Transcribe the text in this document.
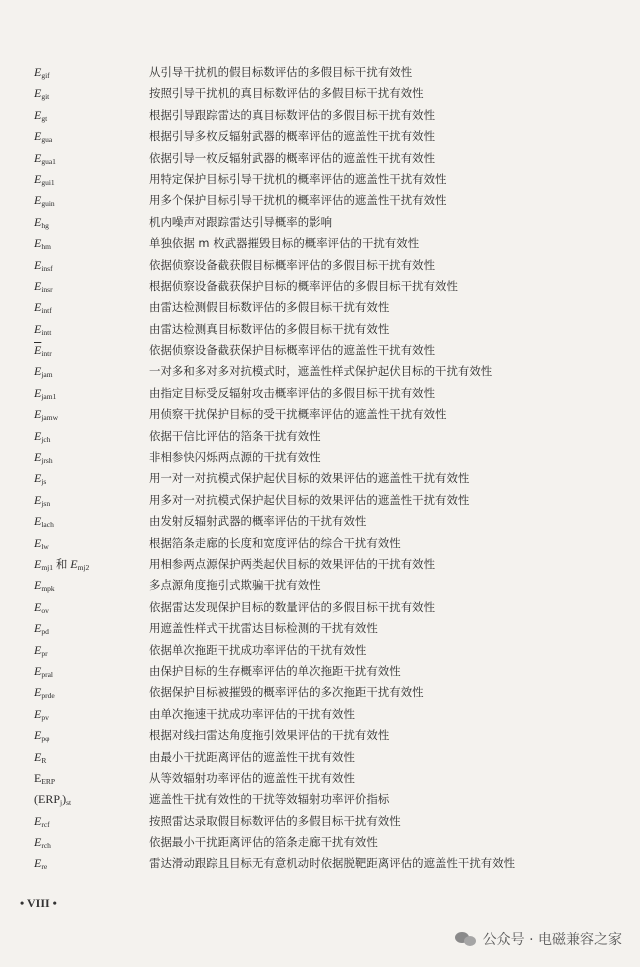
$E_{gif}$	从引导干扰机的假目标数评估的多假目标干扰有效性
$E_{git}$	按照引导干扰机的真目标数评估的多假目标干扰有效性
$E_{gt}$	根据引导跟踪雷达的真目标数评估的多假目标干扰有效性
$E_{gua}$	根据引导多枚反辐射武器的概率评估的遮盖性干扰有效性
$E_{gua1}$	依据引导一枚反辐射武器的概率评估的遮盖性干扰有效性
$E_{gui1}$	用特定保护目标引导干扰机的概率评估的遮盖性干扰有效性
$E_{guin}$	用多个保护目标引导干扰机的概率评估的遮盖性干扰有效性
$E_{hg}$	机内噪声对跟踪雷达引导概率的影响
$E_{hm}$	单独依据 m 枚武器摧毁目标的概率评估的干扰有效性
$E_{insf}$	依据侦察设备截获假目标概率评估的多假目标干扰有效性
$E_{insr}$	根据侦察设备截获保护目标的概率评估的多假目标干扰有效性
$E_{intf}$	由雷达检测假目标数评估的多假目标干扰有效性
$E_{intt}$	由雷达检测真目标数评估的多假目标干扰有效性
$\overline{E}_{intr}$	依据侦察设备截获保护目标概率评估的遮盖性干扰有效性
$E_{jam}$	一对多和多对多对抗模式时，遮盖性样式保护起伏目标的干扰有效性
$E_{jam1}$	由指定目标受反辐射攻击概率评估的多假目标干扰有效性
$E_{jamw}$	用侦察干扰保护目标的受干扰概率评估的遮盖性干扰有效性
$E_{jch}$	依据干信比评估的箔条干扰有效性
$E_{jrsh}$	非相参快闪烁两点源的干扰有效性
$E_{js}$	用一对一对抗模式保护起伏目标的效果评估的遮盖性干扰有效性
$E_{jsn}$	用多对一对抗模式保护起伏目标的效果评估的遮盖性干扰有效性
$E_{lach}$	由发射反辐射武器的概率评估的干扰有效性
$E_{lw}$	根据箔条走廊的长度和宽度评估的综合干扰有效性
$E_{mj1}$ 和 $E_{mj2}$	用相参两点源保护两类起伏目标的效果评估的干扰有效性
$E_{mpk}$	多点源角度拖引式欺骗干扰有效性
$E_{ov}$	依据雷达发现保护目标的数量评估的多假目标干扰有效性
$E_{pd}$	用遮盖性样式干扰雷达目标检测的干扰有效性
$E_{pr}$	依据单次拖距干扰成功率评估的干扰有效性
$E_{pral}$	由保护目标的生存概率评估的单次拖距干扰有效性
$E_{prde}$	依据保护目标被摧毁的概率评估的多次拖距干扰有效性
$E_{pv}$	由单次拖速干扰成功率评估的干扰有效性
$E_{p\varphi}$	根据对线扫雷达角度拖引效果评估的干扰有效性
$E_R$	由最小干扰距离评估的遮盖性干扰有效性
$E_{ERP}$	从等效辐射功率评估的遮盖性干扰有效性
$(ERP_j)_{st}$	遮盖性干扰有效性的干扰等效辐射功率评价指标
$E_{rcf}$	按照雷达录取假目标数评估的多假目标干扰有效性
$E_{rch}$	依据最小干扰距离评估的箔条走廊干扰有效性
$E_{re}$	雷达滑动跟踪且目标无有意机动时依据脱靶距离评估的遮盖性干扰有效性
• VIII •
公众号 · 电磁兼容之家
